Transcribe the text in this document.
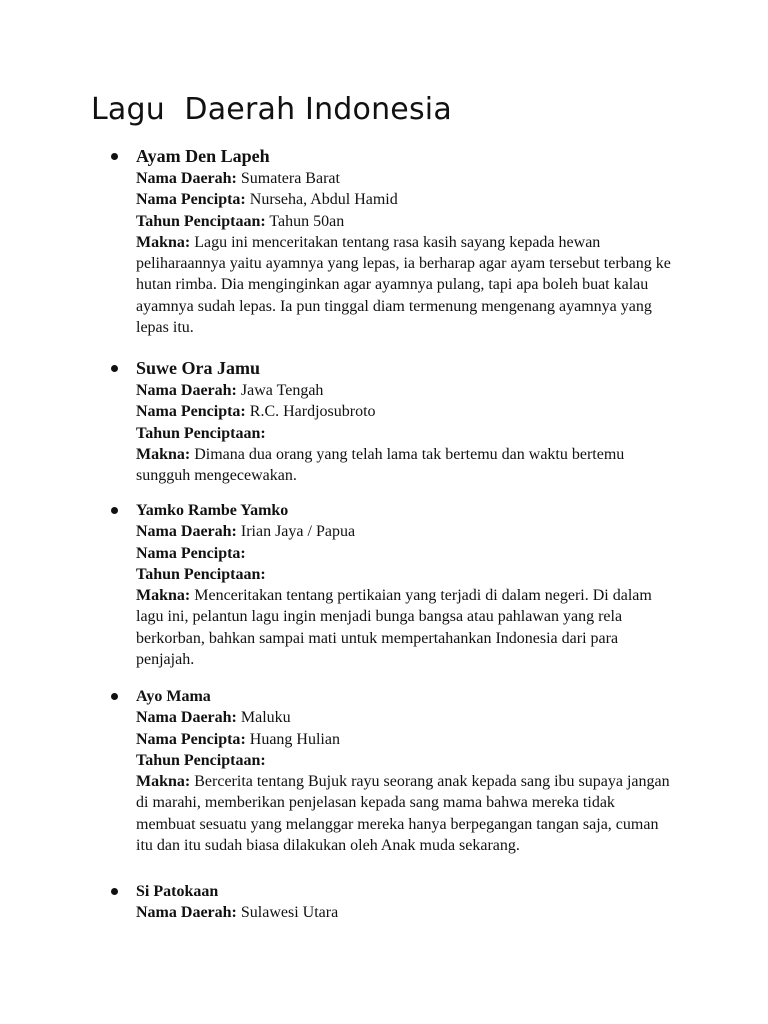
Lagu  Daerah Indonesia
Ayam Den Lapeh
Nama Daerah: Sumatera Barat
Nama Pencipta: Nurseha, Abdul Hamid
Tahun Penciptaan: Tahun 50an
Makna: Lagu ini menceritakan tentang rasa kasih sayang kepada hewan peliharaannya yaitu ayamnya yang lepas, ia berharap agar ayam tersebut terbang ke hutan rimba. Dia menginginkan agar ayamnya pulang, tapi apa boleh buat kalau ayamnya sudah lepas. Ia pun tinggal diam termenung mengenang ayamnya yang lepas itu.
Suwe Ora Jamu
Nama Daerah: Jawa Tengah
Nama Pencipta: R.C. Hardjosubroto
Tahun Penciptaan:
Makna: Dimana dua orang yang telah lama tak bertemu dan waktu bertemu sungguh mengecewakan.
Yamko Rambe Yamko
Nama Daerah: Irian Jaya / Papua
Nama Pencipta:
Tahun Penciptaan:
Makna: Menceritakan tentang pertikaian yang terjadi di dalam negeri. Di dalam lagu ini, pelantun lagu ingin menjadi bunga bangsa atau pahlawan yang rela berkorban, bahkan sampai mati untuk mempertahankan Indonesia dari para penjajah.
Ayo Mama
Nama Daerah: Maluku
Nama Pencipta: Huang Hulian
Tahun Penciptaan:
Makna: Bercerita tentang Bujuk rayu seorang anak kepada sang ibu supaya jangan di marahi, memberikan penjelasan kepada sang mama bahwa mereka tidak membuat sesuatu yang melanggar mereka hanya berpegangan tangan saja, cuman itu dan itu sudah biasa dilakukan oleh Anak muda sekarang.
Si Patokaan
Nama Daerah: Sulawesi Utara
